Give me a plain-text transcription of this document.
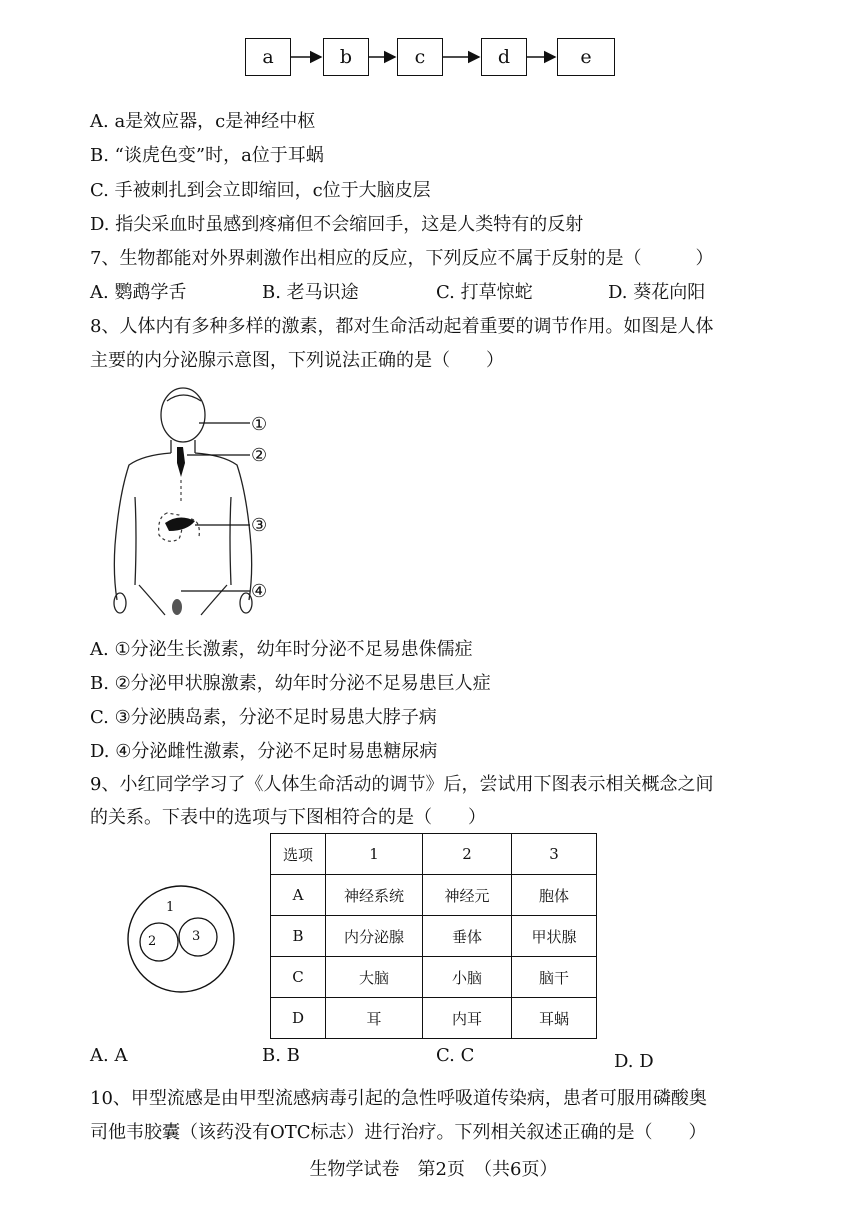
a	b	c	d	e
A. a是效应器，c是神经中枢
B. “谈虎色变”时，a位于耳蜗
C. 手被刺扎到会立即缩回，c位于大脑皮层
D. 指尖采血时虽感到疼痛但不会缩回手，这是人类特有的反射
7、生物都能对外界刺激作出相应的反应，下列反应不属于反射的是（　　　）
A. 鹦鹉学舌	B. 老马识途	C. 打草惊蛇	D. 葵花向阳
8、人体内有多种多样的激素，都对生命活动起着重要的调节作用。如图是人体
主要的内分泌腺示意图，下列说法正确的是（　　）
①
②
③
④
A. ①分泌生长激素，幼年时分泌不足易患侏儒症
B. ②分泌甲状腺激素，幼年时分泌不足易患巨人症
C. ③分泌胰岛素，分泌不足时易患大脖子病
D. ④分泌雌性激素，分泌不足时易患糖尿病
9、小红同学学习了《人体生命活动的调节》后，尝试用下图表示相关概念之间
的关系。下表中的选项与下图相符合的是（　　）
1
2	3
选项	1	2	3
A	神经系统	神经元	胞体
B	内分泌腺	垂体	甲状腺
C	大脑	小脑	脑干
D	耳	内耳	耳蜗
A. A	B. B	C. C	D. D
10、甲型流感是由甲型流感病毒引起的急性呼吸道传染病，患者可服用磷酸奥
司他韦胶囊（该药没有OTC标志）进行治疗。下列相关叙述正确的是（　　）
生物学试卷　第2页　（共6页）
